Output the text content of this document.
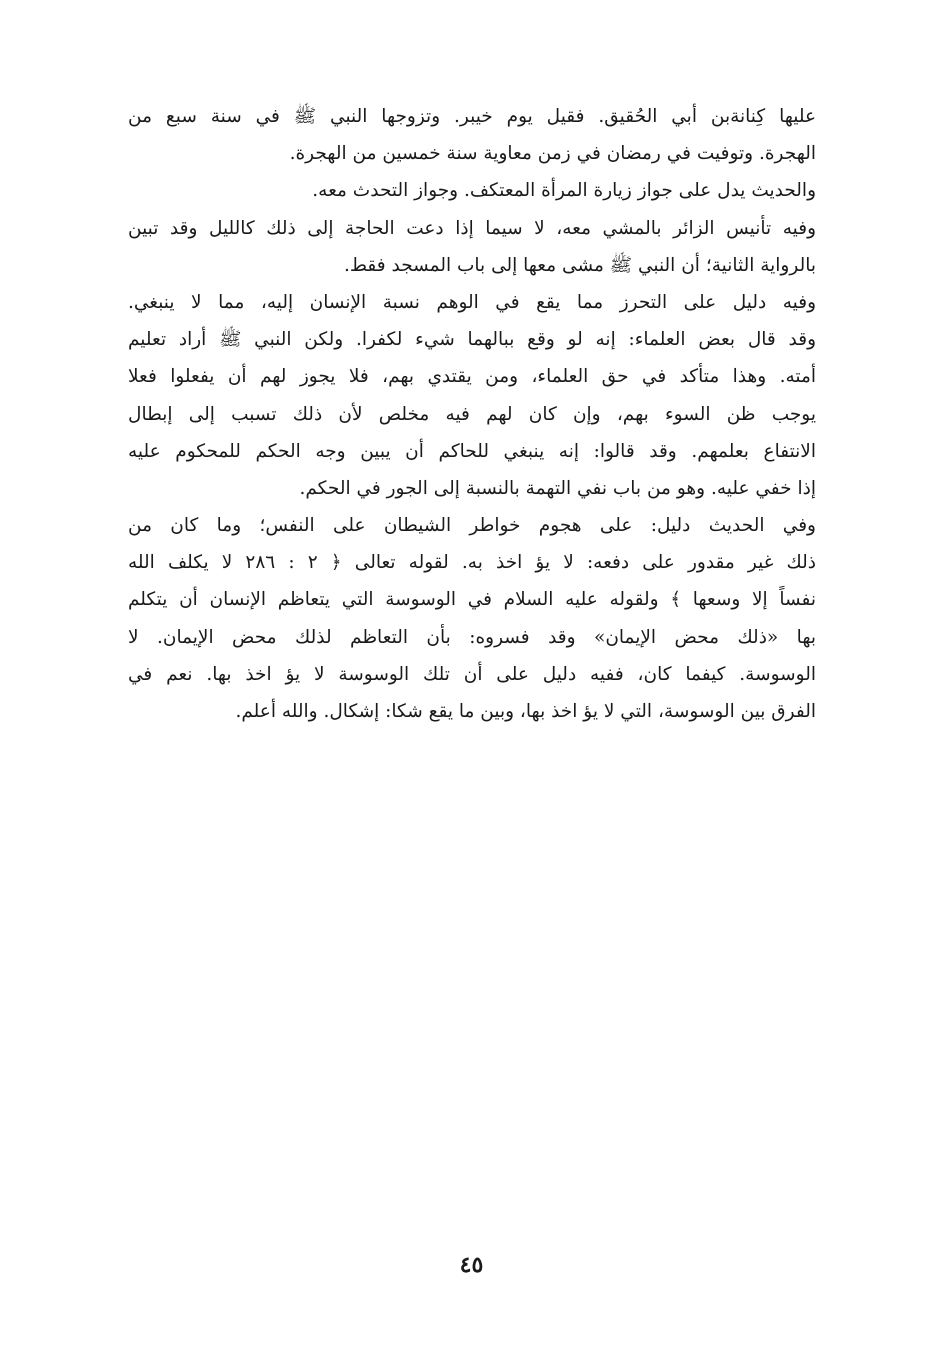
عليها كِنانةبن أبي الحُقيق. فقيل يوم خيبر. وتزوجها النبي ﷺ في سنة سبع من
الهجرة. وتوفيت في رمضان في زمن معاوية سنة خمسين من الهجرة.
والحديث يدل على جواز زيارة المرأة المعتكف. وجواز التحدث معه.
وفيه تأنيس الزائر بالمشي معه، لا سيما إذا دعت الحاجة إلى ذلك كالليل وقد تبين
بالرواية الثانية؛ أن النبي ﷺ مشى معها إلى باب المسجد فقط.
وفيه دليل على التحرز مما يقع في الوهم نسبة الإنسان إليه، مما لا ينبغي.
وقد قال بعض العلماء: إنه لو وقع ببالهما شيء لكفرا. ولكن النبي ﷺ أراد تعليم
أمته. وهذا متأكد في حق العلماء، ومن يقتدي بهم، فلا يجوز لهم أن يفعلوا فعلا
يوجب ظن السوء بهم، وإن كان لهم فيه مخلص لأن ذلك تسبب إلى إبطال
الانتفاع بعلمهم. وقد قالوا: إنه ينبغي للحاكم أن يبين وجه الحكم للمحكوم عليه
إذا خفي عليه. وهو من باب نفي التهمة بالنسبة إلى الجور في الحكم.
وفي الحديث دليل: على هجوم خواطر الشيطان على النفس؛ وما كان من
ذلك غير مقدور على دفعه: لا يؤ اخذ به. لقوله تعالى ﴿ ٢ : ٢٨٦ لا يكلف الله
نفساً إلا وسعها ﴾ ولقوله عليه السلام في الوسوسة التي يتعاظم الإنسان أن يتكلم
بها «ذلك محض الإيمان» وقد فسروه: بأن التعاظم لذلك محض الإيمان. لا
الوسوسة. كيفما كان، ففيه دليل على أن تلك الوسوسة لا يؤ اخذ بها. نعم في
الفرق بين الوسوسة، التي لا يؤ اخذ بها، وبين ما يقع شكا: إشكال. والله أعلم.
٤٥
